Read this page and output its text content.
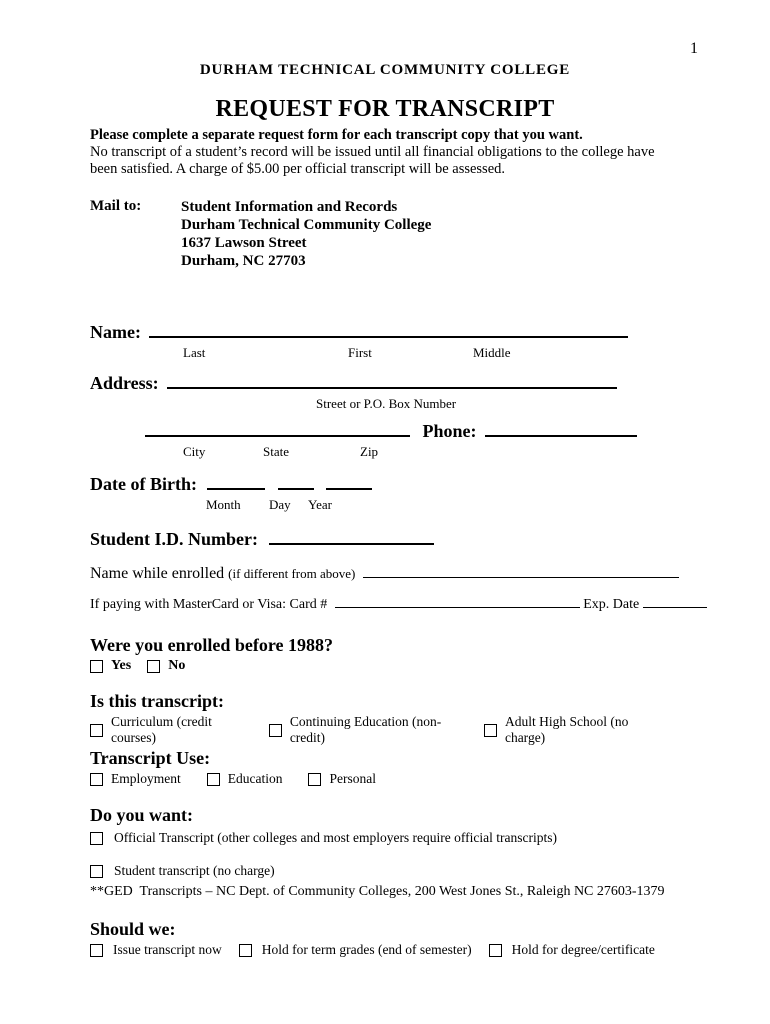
1
DURHAM TECHNICAL COMMUNITY COLLEGE
REQUEST FOR TRANSCRIPT
Please complete a separate request form for each transcript copy that you want.
No transcript of a student’s record will be issued until all financial obligations to the college have
been satisfied. A charge of $5.00 per official transcript will be assessed.
Mail to:	Student Information and Records
Durham Technical Community College
1637 Lawson Street
Durham, NC 27703
Name:
Last	First	Middle
Address:
Street or P.O. Box Number
Phone:
City	State	Zip
Date of Birth:
Month Day Year
Student I.D. Number:
Name while enrolled (if different from above)
If paying with MasterCard or Visa: Card #	Exp. Date
Were you enrolled before 1988?
Yes	No
Is this transcript:
Curriculum (credit courses)
Continuing Education (non-credit)
Adult High School (no charge)
Transcript Use:
Employment	Education	Personal
Do you want:
Official Transcript (other colleges and most employers require official transcripts)
Student transcript (no charge)
**GED  Transcripts – NC Dept. of Community Colleges, 200 West Jones St., Raleigh NC 27603-1379
Should we:
Issue transcript now	Hold for term grades (end of semester)	Hold for degree/certificate
